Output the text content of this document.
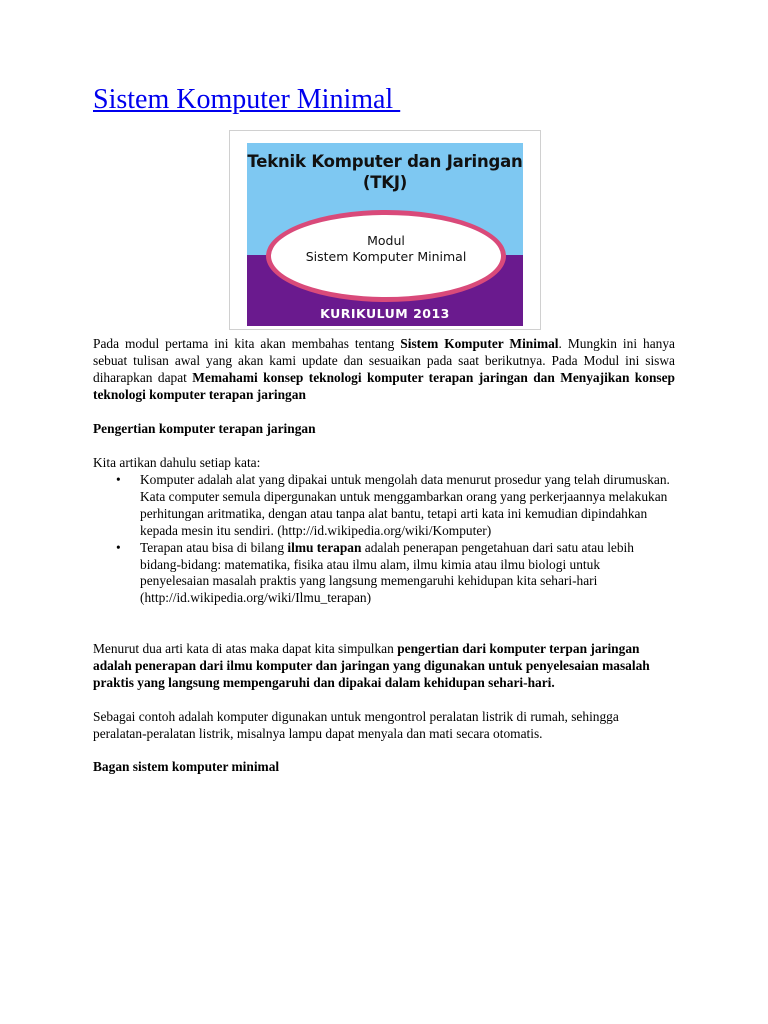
Sistem Komputer Minimal
Teknik Komputer dan Jaringan
(TKJ)
Modul
Sistem Komputer Minimal
KURIKULUM 2013

Pada modul pertama ini kita akan membahas tentang Sistem Komputer Minimal. Mungkin ini hanya sebuat tulisan awal yang akan kami update dan sesuaikan pada saat berikutnya. Pada Modul ini siswa diharapkan dapat Memahami konsep teknologi komputer terapan jaringan dan Menyajikan konsep teknologi komputer terapan jaringan

Pengertian komputer terapan jaringan

Kita artikan dahulu setiap kata:

• Komputer adalah alat yang dipakai untuk mengolah data menurut prosedur yang telah dirumuskan. Kata computer semula dipergunakan untuk menggambarkan orang yang perkerjaannya melakukan perhitungan aritmatika, dengan atau tanpa alat bantu, tetapi arti kata ini kemudian dipindahkan kepada mesin itu sendiri. (http://id.wikipedia.org/wiki/Komputer)
• Terapan atau bisa di bilang ilmu terapan adalah penerapan pengetahuan dari satu atau lebih bidang-bidang: matematika, fisika atau ilmu alam, ilmu kimia atau ilmu biologi untuk penyelesaian masalah praktis yang langsung memengaruhi kehidupan kita sehari-hari (http://id.wikipedia.org/wiki/Ilmu_terapan)

Menurut dua arti kata di atas maka dapat kita simpulkan pengertian dari komputer terpan jaringan adalah penerapan dari ilmu komputer dan jaringan yang digunakan untuk penyelesaian masalah praktis yang langsung mempengaruhi dan dipakai dalam kehidupan sehari-hari.

Sebagai contoh adalah komputer digunakan untuk mengontrol peralatan listrik di rumah, sehingga peralatan-peralatan listrik, misalnya lampu dapat menyala dan mati secara otomatis.

Bagan sistem komputer minimal
